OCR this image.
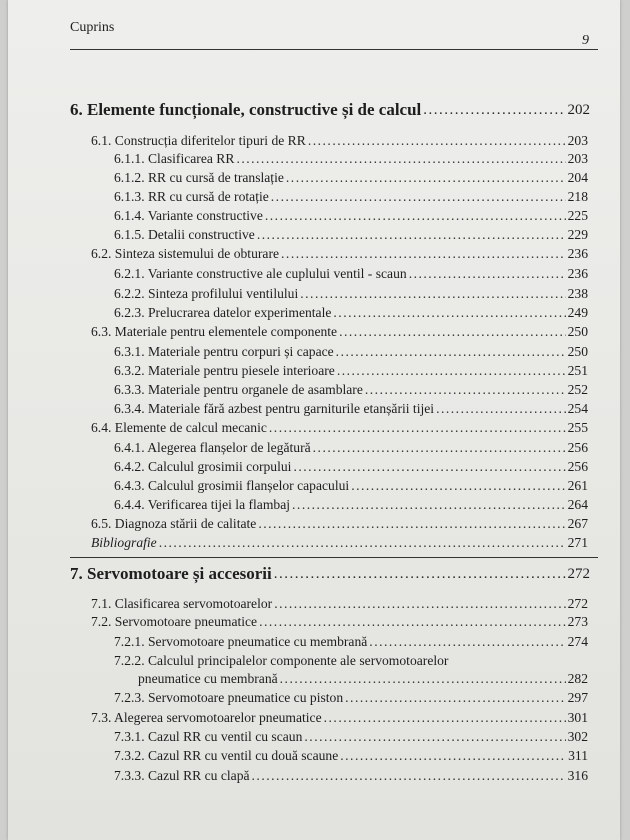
Cuprins
9
6. Elemente funcționale, constructive și de calcul .....	202
6.1. Construcția diferitelor tipuri de RR .....	203
6.1.1. Clasificarea RR .....	203
6.1.2. RR cu cursă de translație .....	204
6.1.3. RR cu cursă de rotație .....	218
6.1.4. Variante constructive .....	225
6.1.5. Detalii constructive .....	229
6.2. Sinteza sistemului de obturare .....	236
6.2.1. Variante constructive ale cuplului ventil - scaun .....	236
6.2.2. Sinteza profilului ventilului .....	238
6.2.3. Prelucrarea datelor experimentale .....	249
6.3. Materiale pentru elementele componente .....	250
6.3.1. Materiale pentru corpuri și capace .....	250
6.3.2. Materiale pentru piesele interioare .....	251
6.3.3. Materiale pentru organele de asamblare .....	252
6.3.4. Materiale fără azbest pentru garniturile etanșării tijei .....	254
6.4. Elemente de calcul mecanic .....	255
6.4.1. Alegerea flanșelor de legătură .....	256
6.4.2. Calculul grosimii corpului .....	256
6.4.3. Calculul grosimii flanșelor capacului .....	261
6.4.4. Verificarea tijei la flambaj .....	264
6.5. Diagnoza stării de calitate .....	267
Bibliografie .....	271
7. Servomotoare și accesorii .....	272
7.1. Clasificarea servomotoarelor .....	272
7.2. Servomotoare pneumatice .....	273
7.2.1. Servomotoare pneumatice cu membrană .....	274
7.2.2. Calculul principalelor componente ale servomotoarelor
pneumatice cu membrană .....	282
7.2.3. Servomotoare pneumatice cu piston .....	297
7.3. Alegerea servomotoarelor pneumatice .....	301
7.3.1. Cazul RR cu ventil cu scaun .....	302
7.3.2. Cazul RR cu ventil cu două scaune .....	311
7.3.3. Cazul RR cu clapă .....	316
